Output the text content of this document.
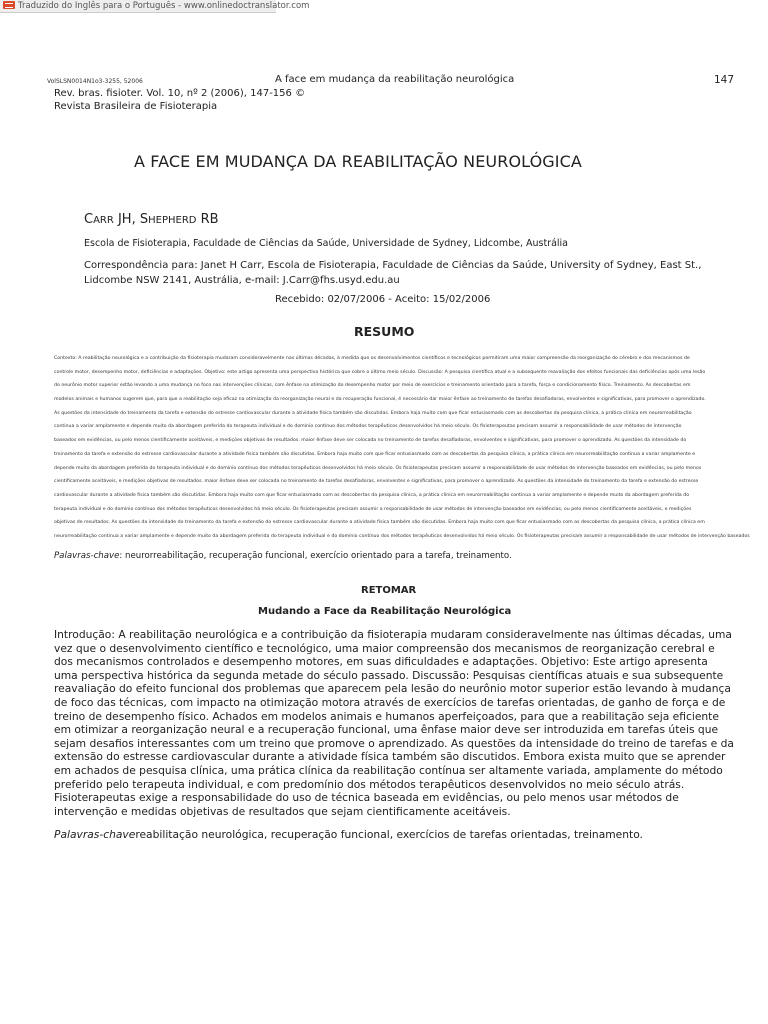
Traduzido do Inglês para o Português - www.onlinedoctranslator.com
VolSLSN0014N1o3-3255, 52006	A face em mudança da reabilitação neurológica	147
Rev. bras. fisioter. Vol. 10, nº 2 (2006), 147-156 ©
Revista Brasileira de Fisioterapia
A FACE EM MUDANÇA DA REABILITAÇÃO NEUROLÓGICA
CARR JH, SHEPHERD RB
Escola de Fisioterapia, Faculdade de Ciências da Saúde, Universidade de Sydney, Lidcombe, Austrália
Correspondência para: Janet H Carr, Escola de Fisioterapia, Faculdade de Ciências da Saúde, University of Sydney, East St., Lidcombe NSW 2141, Austrália, e-mail: J.Carr@fhs.usyd.edu.au
Recebido: 02/07/2006 - Aceito: 15/02/2006
RESUMO
Contexto: A reabilitação neurológica e a contribuição da fisioterapia mudaram consideravelmente nas últimas décadas, à medida que os desenvolvimentos científicos e tecnológicos permitiram uma maior compreensão da reorganização do cérebro e dos mecanismos de
controle motor, desempenho motor, deficiências e adaptações. Objetivo: este artigo apresenta uma perspectiva histórica que cobre o último meio século. Discussão: A pesquisa científica atual e a subsequente reavaliação dos efeitos funcionais das deficiências após uma lesão
do neurônio motor superior estão levando a uma mudança no foco nas intervenções clínicas, com ênfase na otimização do desempenho motor por meio de exercícios e treinamento orientado para a tarefa, força e condicionamento físico. Treinamento. As descobertas em
modelos animais e humanos sugerem que, para que a reabilitação seja eficaz na otimização da reorganização neural e da recuperação funcional, é necessário dar maior ênfase ao treinamento de tarefas desafiadoras, envolventes e significativas, para promover o aprendizado.
As questões da intensidade do treinamento da tarefa e extensão do estresse cardiovascular durante a atividade física também são discutidas. Embora haja muito com que ficar entusiasmado com as descobertas da pesquisa clínica, a prática clínica em neurorreabilitação
continua a variar amplamente e depende muito da abordagem preferida do terapeuta individual e do domínio contínuo dos métodos terapêuticos desenvolvidos há meio século. Os fisioterapeutas precisam assumir a responsabilidade de usar métodos de intervenção
baseados em evidências, ou pelo menos cientificamente aceitáveis, e medições objetivas de resultados. maior ênfase deve ser colocada no treinamento de tarefas desafiadoras, envolventes e significativas, para promover o aprendizado. As questões da intensidade do
treinamento da tarefa e extensão do estresse cardiovascular durante a atividade física também são discutidas. Embora haja muito com que ficar entusiasmado com as descobertas da pesquisa clínica, a prática clínica em neurorreabilitação continua a variar amplamente e
depende muito da abordagem preferida do terapeuta individual e do domínio contínuo dos métodos terapêuticos desenvolvidos há meio século. Os fisioterapeutas precisam assumir a responsabilidade de usar métodos de intervenção baseados em evidências, ou pelo menos
cientificamente aceitáveis, e medições objetivas de resultados. maior ênfase deve ser colocada no treinamento de tarefas desafiadoras, envolventes e significativas, para promover o aprendizado. As questões da intensidade do treinamento da tarefa e extensão do estresse
cardiovascular durante a atividade física também são discutidas. Embora haja muito com que ficar entusiasmado com as descobertas da pesquisa clínica, a prática clínica em neurorreabilitação continua a variar amplamente e depende muito da abordagem preferida do
terapeuta individual e do domínio contínuo dos métodos terapêuticos desenvolvidos há meio século. Os fisioterapeutas precisam assumir a responsabilidade de usar métodos de intervenção baseados em evidências, ou pelo menos cientificamente aceitáveis, e medições
objetivas de resultados. As questões da intensidade do treinamento da tarefa e extensão do estresse cardiovascular durante a atividade física também são discutidas. Embora haja muito com que ficar entusiasmado com as descobertas da pesquisa clínica, a prática clínica em
neurorreabilitação continua a variar amplamente e depende muito da abordagem preferida do terapeuta individual e do domínio contínuo dos métodos terapêuticos desenvolvidos há meio século. Os fisioterapeutas precisam assumir a responsabilidade de usar métodos de intervenção baseados
Palavras-chave: neurorreabilitação, recuperação funcional, exercício orientado para a tarefa, treinamento.
RETOMAR
Mudando a Face da Reabilitação Neurológica
Introdução: A reabilitação neurológica e a contribuição da fisioterapia mudaram consideravelmente nas últimas décadas, uma vez que o desenvolvimento científico e tecnológico, uma maior compreensão dos mecanismos de reorganização cerebral e dos mecanismos controlados e desempenho motores, em suas dificuldades e adaptações. Objetivo: Este artigo apresenta uma perspectiva histórica da segunda metade do século passado. Discussão: Pesquisas científicas atuais e sua subsequente reavaliação do efeito funcional dos problemas que aparecem pela lesão do neurônio motor superior estão levando à mudança de foco das técnicas, com impacto na otimização motora através de exercícios de tarefas orientadas, de ganho de força e de treino de desempenho físico. Achados em modelos animais e humanos aperfeiçoados, para que a reabilitação seja eficiente em otimizar a reorganização neural e a recuperação funcional, uma ênfase maior deve ser introduzida em tarefas úteis que sejam desafios interessantes com um treino que promove o aprendizado. As questões da intensidade do treino de tarefas e da extensão do estresse cardiovascular durante a atividade física também são discutidos. Embora exista muito que se aprender em achados de pesquisa clínica, uma prática clínica da reabilitação contínua ser altamente variada, amplamente do método preferido pelo terapeuta individual, e com predomínio dos métodos terapêuticos desenvolvidos no meio século atrás. Fisioterapeutas exige a responsabilidade do uso de técnica baseada em evidências, ou pelo menos usar métodos de intervenção e medidas objetivas de resultados que sejam cientificamente aceitáveis.
Palavras-chavereabilitação neurológica, recuperação funcional, exercícios de tarefas orientadas, treinamento.
